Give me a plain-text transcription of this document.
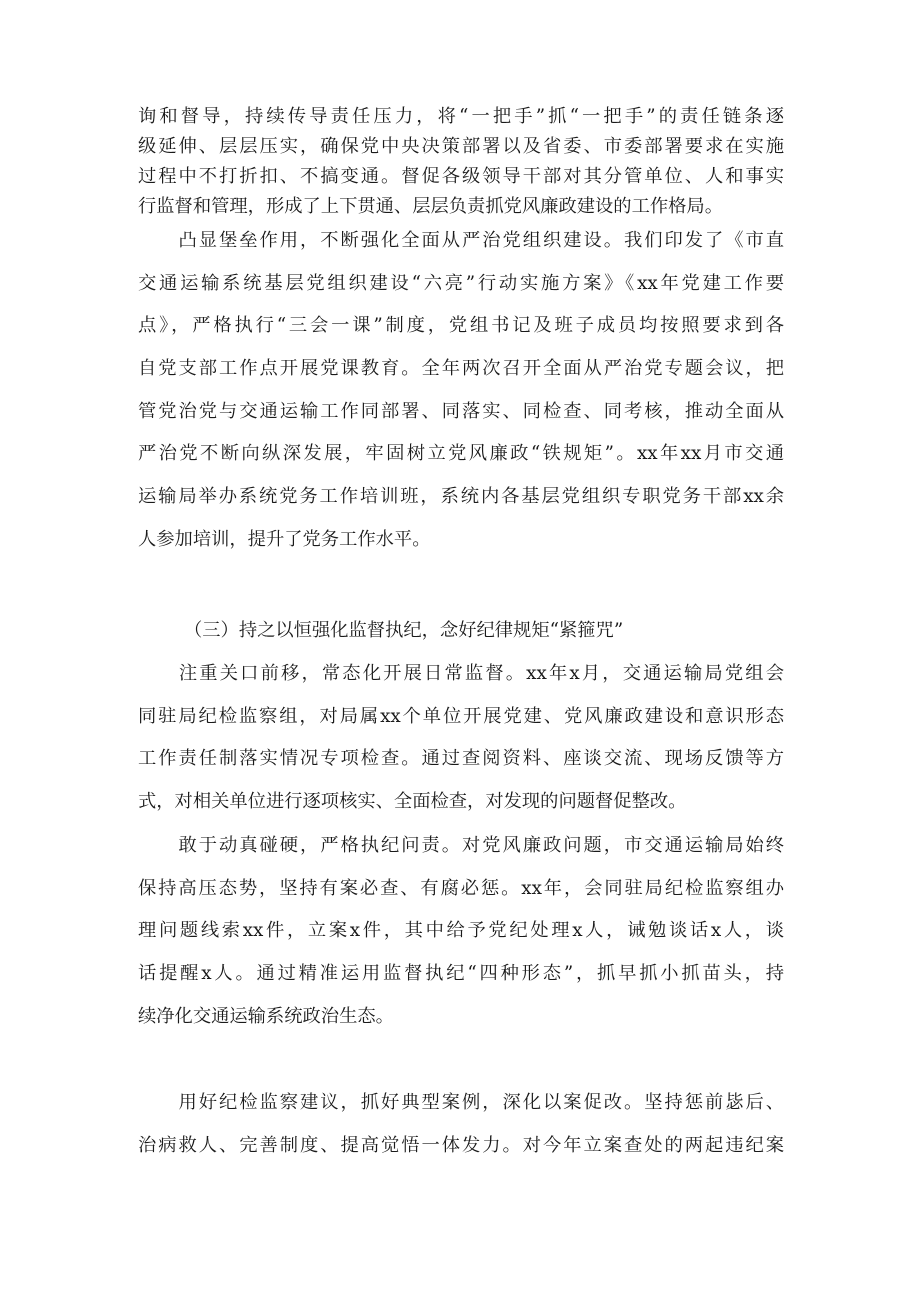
询和督导，持续传导责任压力，将“一把手”抓“一把手”的责任链条逐
级延伸、层层压实，确保党中央决策部署以及省委、市委部署要求在实施
过程中不打折扣、不搞变通。督促各级领导干部对其分管单位、人和事实
行监督和管理，形成了上下贯通、层层负责抓党风廉政建设的工作格局。
　　凸显堡垒作用，不断强化全面从严治党组织建设。我们印发了《市直
交通运输系统基层党组织建设“六亮”行动实施方案》《xx年党建工作要
点》，严格执行“三会一课”制度，党组书记及班子成员均按照要求到各
自党支部工作点开展党课教育。全年两次召开全面从严治党专题会议，把
管党治党与交通运输工作同部署、同落实、同检查、同考核，推动全面从
严治党不断向纵深发展，牢固树立党风廉政“铁规矩”。xx年xx月市交通
运输局举办系统党务工作培训班，系统内各基层党组织专职党务干部xx余
人参加培训，提升了党务工作水平。
（三）持之以恒强化监督执纪，念好纪律规矩“紧箍咒”
　　注重关口前移，常态化开展日常监督。xx年x月，交通运输局党组会
同驻局纪检监察组，对局属xx个单位开展党建、党风廉政建设和意识形态
工作责任制落实情况专项检查。通过查阅资料、座谈交流、现场反馈等方
式，对相关单位进行逐项核实、全面检查，对发现的问题督促整改。
　　敢于动真碰硬，严格执纪问责。对党风廉政问题，市交通运输局始终
保持高压态势，坚持有案必查、有腐必惩。xx年，会同驻局纪检监察组办
理问题线索xx件，立案x件，其中给予党纪处理x人，诫勉谈话x人，谈
话提醒x人。通过精准运用监督执纪“四种形态”，抓早抓小抓苗头，持
续净化交通运输系统政治生态。
　　用好纪检监察建议，抓好典型案例，深化以案促改。坚持惩前毖后、
治病救人、完善制度、提高觉悟一体发力。对今年立案查处的两起违纪案
